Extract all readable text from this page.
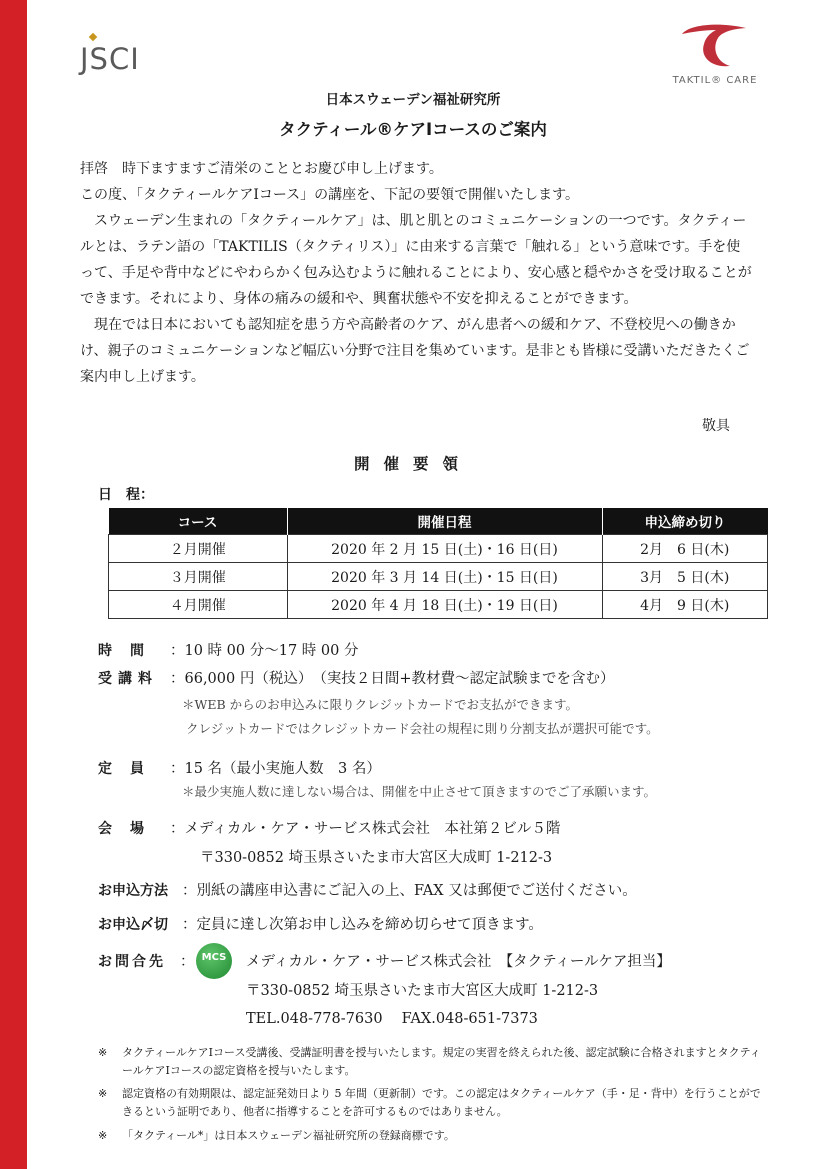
JSCI
TAKTIL® CARE
日本スウェーデン福祉研究所
タクティール®ケアⅠコースのご案内

拝啓　時下ますますご清栄のこととお慶び申し上げます。

この度、「タクティールケアⅠコース」の講座を、下記の要領で開催いたします。

スウェーデン生まれの「タクティールケア」は、肌と肌とのコミュニケーションの一つです。タクティールとは、ラテン語の「TAKTILIS（タクティリス）」に由来する言葉で「触れる」という意味です。手を使って、手足や背中などにやわらかく包み込むように触れることにより、安心感と穏やかさを受け取ることができます。それにより、身体の痛みの緩和や、興奮状態や不安を抑えることができます。

現在では日本においても認知症を患う方や高齢者のケア、がん患者への緩和ケア、不登校児への働きかけ、親子のコミュニケーションなど幅広い分野で注目を集めています。是非とも皆様に受講いただきたくご案内申し上げます。

敬具
開催要領
日　程：
コース	開催日程	申込締め切り
２月開催	2020 年 2 月 15 日(土)・16 日(日)	2月　6 日(木)
３月開催	2020 年 3 月 14 日(土)・15 日(日)	3月　5 日(木)
４月開催	2020 年 4 月 18 日(土)・19 日(日)	4月　9 日(木)
時　間	：10 時 00 分～17 時 00 分
受講料 ：66,000 円（税込）　（実技２日間+教材費～認定試験までを含む）
＊WEB からのお申込みに限りクレジットカードでお支払ができます。
クレジットカードではクレジットカード会社の規程に則り分割支払が選択可能です。
定　員	：15 名（最小実施人数　3 名）
＊最少実施人数に達しない場合は、開催を中止させて頂きますのでご了承願います。
会　場	：メディカル・ケア・サービス株式会社　本社第２ビル５階
〒330-0852 埼玉県さいたま市大宮区大成町 1-212-3
お申込方法 ：別紙の講座申込書にご記入の上、FAX 又は郵便でご送付ください。
お申込〆切 ：定員に達し次第お申し込みを締め切らせて頂きます。
お問合先 ： MCS	メディカル・ケア・サービス株式会社　【タクティールケア担当】
〒330-0852 埼玉県さいたま市大宮区大成町 1-212-3
TEL.048-778-7630　 FAX.048-651-7373
※ タクティールケアⅠコース受講後、受講証明書を授与いたします。規定の実習を終えられた後、認定試験に合格されますとタクティールケアⅠコースの認定資格を授与いたします。
※ 認定資格の有効期限は、認定証発効日より 5 年間（更新制）です。この認定はタクティールケア（手・足・背中）を行うことができるという証明であり、他者に指導することを許可するものではありません。
※ 「タクティール*」は日本スウェーデン福祉研究所の登録商標です。
